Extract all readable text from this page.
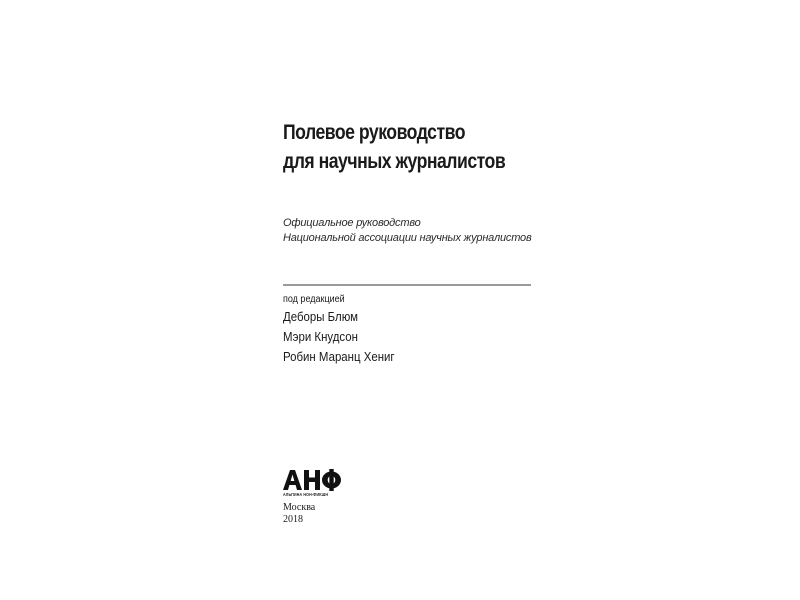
Полевое руководство
для научных журналистов
Официальное руководство
Национальной ассоциации научных журналистов
под редакцией
Деборы Блюм
Мэри Кнудсон
Робин Маранц Хениг
АЛЬПИНА НОН-ФИКШН
Москва
2018
